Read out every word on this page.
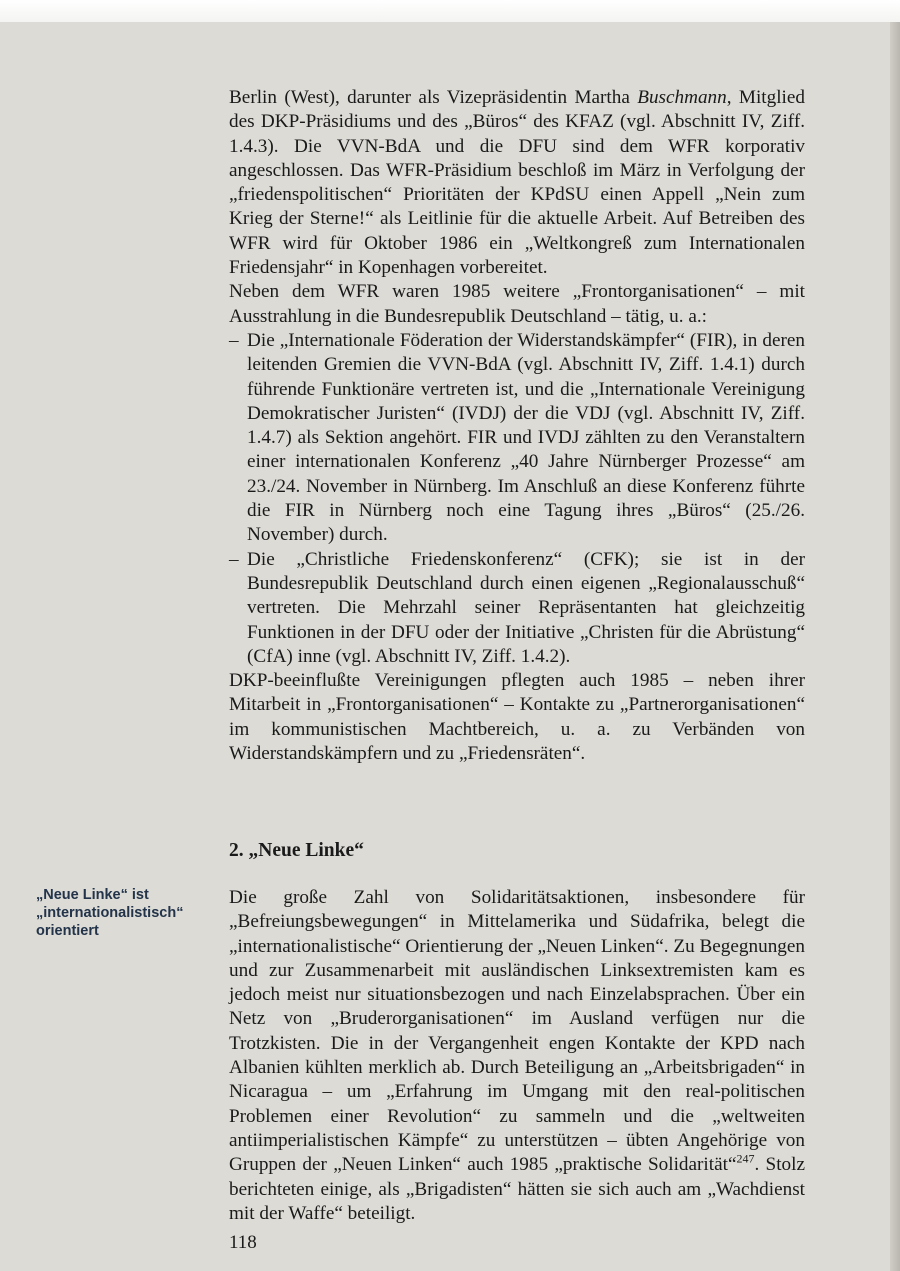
Berlin (West), darunter als Vizepräsidentin Martha Buschmann, Mitglied des DKP-Präsidiums und des „Büros“ des KFAZ (vgl. Abschnitt IV, Ziff. 1.4.3). Die VVN-BdA und die DFU sind dem WFR korporativ angeschlossen. Das WFR-Präsidium beschloß im März in Verfolgung der „friedenspolitischen“ Prioritäten der KPdSU einen Appell „Nein zum Krieg der Sterne!“ als Leitlinie für die aktuelle Arbeit. Auf Betreiben des WFR wird für Oktober 1986 ein „Weltkongreß zum Internationalen Friedensjahr“ in Kopenhagen vorbereitet.

Neben dem WFR waren 1985 weitere „Frontorganisationen“ – mit Ausstrahlung in die Bundesrepublik Deutschland – tätig, u. a.:

– Die „Internationale Föderation der Widerstandskämpfer“ (FIR), in deren leitenden Gremien die VVN-BdA (vgl. Abschnitt IV, Ziff. 1.4.1) durch führende Funktionäre vertreten ist, und die „Internationale Vereinigung Demokratischer Juristen“ (IVDJ) der die VDJ (vgl. Abschnitt IV, Ziff. 1.4.7) als Sektion angehört. FIR und IVDJ zählten zu den Veranstaltern einer internationalen Konferenz „40 Jahre Nürnberger Prozesse“ am 23./24. November in Nürnberg. Im Anschluß an diese Konferenz führte die FIR in Nürnberg noch eine Tagung ihres „Büros“ (25./26. November) durch.
– Die „Christliche Friedenskonferenz“ (CFK); sie ist in der Bundesrepublik Deutschland durch einen eigenen „Regionalausschuß“ vertreten. Die Mehrzahl seiner Repräsentanten hat gleichzeitig Funktionen in der DFU oder der Initiative „Christen für die Abrüstung“ (CfA) inne (vgl. Abschnitt IV, Ziff. 1.4.2).

DKP-beeinflußte Vereinigungen pflegten auch 1985 – neben ihrer Mitarbeit in „Frontorganisationen“ – Kontakte zu „Partnerorganisationen“ im kommunistischen Machtbereich, u. a. zu Verbänden von Widerstandskämpfern und zu „Friedensräten“.

2. „Neue Linke“
„Neue Linke“ ist
„internationalistisch“
orientiert

Die große Zahl von Solidaritätsaktionen, insbesondere für „Befreiungsbewegungen“ in Mittelamerika und Südafrika, belegt die „internationalistische“ Orientierung der „Neuen Linken“. Zu Begegnungen und zur Zusammenarbeit mit ausländischen Linksextremisten kam es jedoch meist nur situationsbezogen und nach Einzelabsprachen. Über ein Netz von „Bruderorganisationen“ im Ausland verfügen nur die Trotzkisten. Die in der Vergangenheit engen Kontakte der KPD nach Albanien kühlten merklich ab. Durch Beteiligung an „Arbeitsbrigaden“ in Nicaragua – um „Erfahrung im Umgang mit den real-politischen Problemen einer Revolution“ zu sammeln und die „weltweiten antiimperialistischen Kämpfe“ zu unterstützen – übten Angehörige von Gruppen der „Neuen Linken“ auch 1985 „praktische Solidarität“$^{247}$. Stolz berichteten einige, als „Brigadisten“ hätten sie sich auch am „Wachdienst mit der Waffe“ beteiligt.

118
